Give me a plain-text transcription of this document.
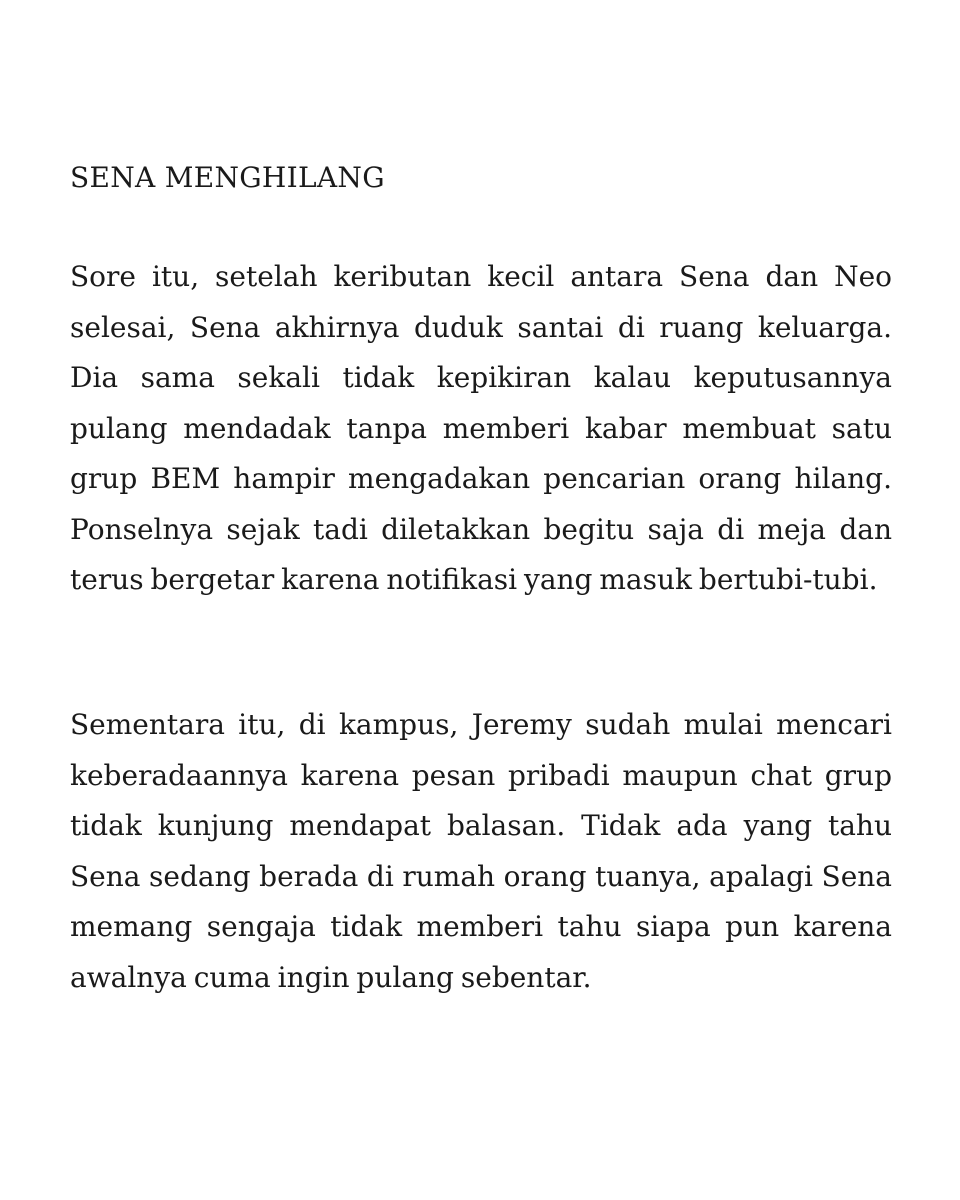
SENA MENGHILANG

Sore itu, setelah keributan kecil antara Sena dan Neo selesai, Sena akhirnya duduk santai di ruang keluarga. Dia sama sekali tidak kepikiran kalau keputusannya pulang mendadak tanpa memberi kabar membuat satu grup BEM hampir mengadakan pencarian orang hilang. Ponselnya sejak tadi diletakkan begitu saja di meja dan terus bergetar karena notifikasi yang masuk bertubi-tubi.

Sementara itu, di kampus, Jeremy sudah mulai mencari keberadaannya karena pesan pribadi maupun chat grup tidak kunjung mendapat balasan. Tidak ada yang tahu Sena sedang berada di rumah orang tuanya, apalagi Sena memang sengaja tidak memberi tahu siapa pun karena awalnya cuma ingin pulang sebentar.
